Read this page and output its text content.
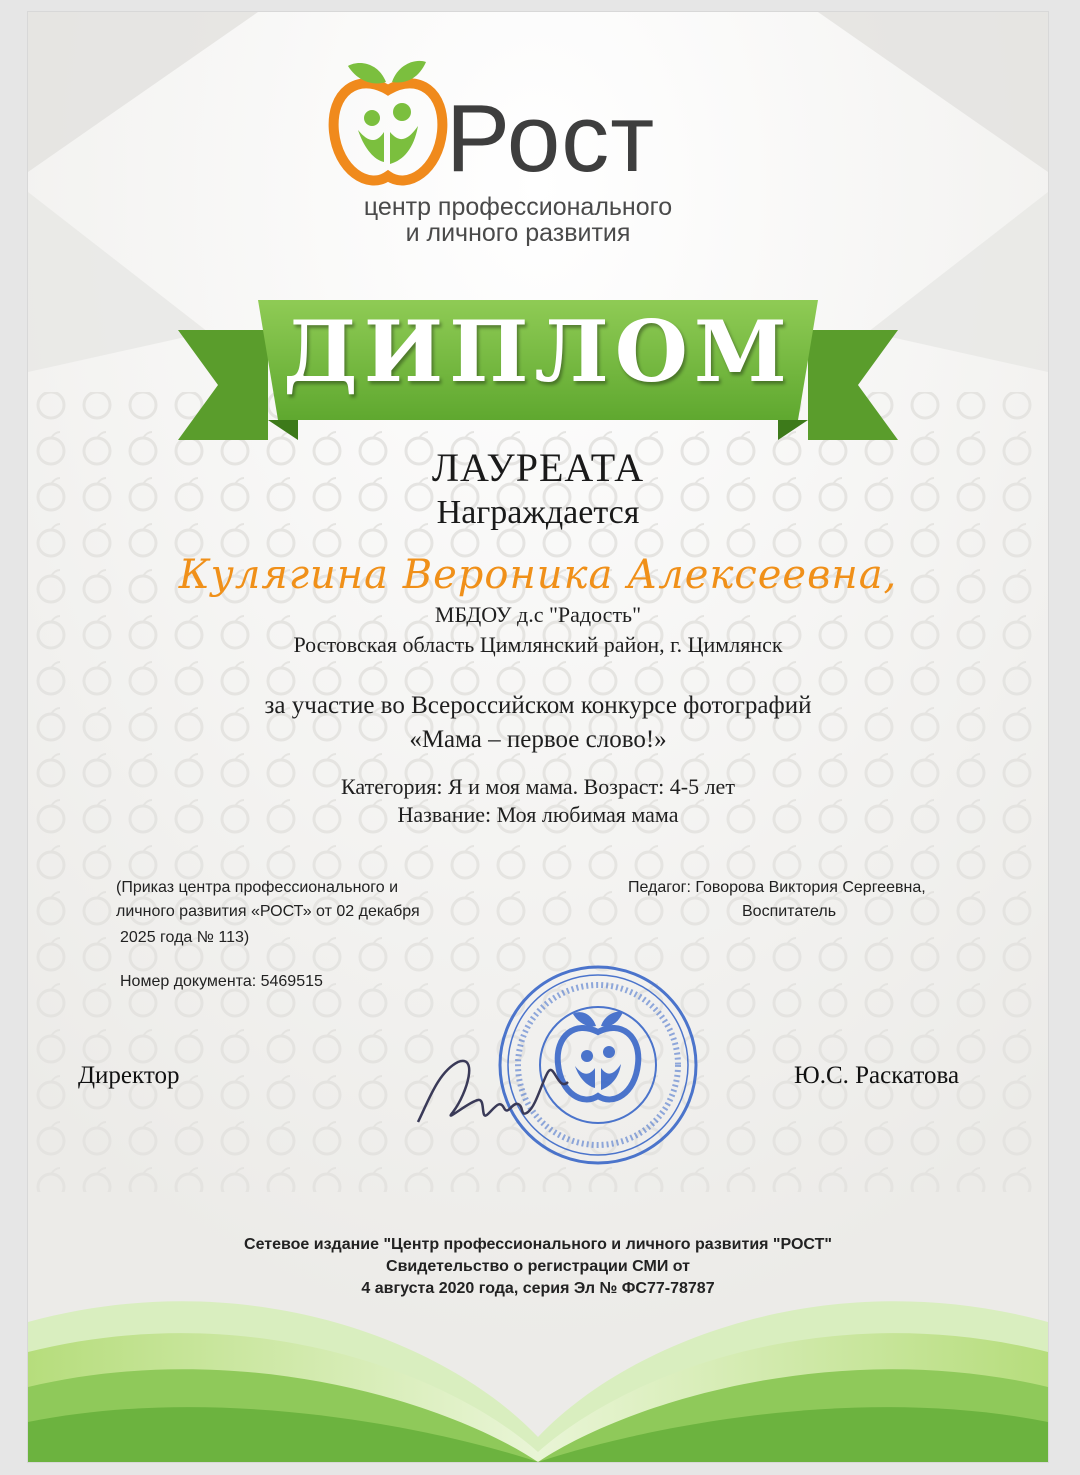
Рост
центр профессионального
и личного развития
ДИПЛОМ
ЛАУРЕАТА
Награждается
Кулягина Вероника Алексеевна,
МБДОУ д.с "Радость"
Ростовская область Цимлянский район, г. Цимлянск
за участие во Всероссийском конкурсе фотографий
«Мама – первое слово!»
Категория: Я и моя мама. Возраст: 4-5 лет
Название: Моя любимая мама
(Приказ центра профессионального и
личного развития «РОСТ» от 02 декабря
2025 года № 113)
Педагог: Говорова Виктория Сергеевна,
Воспитатель
Номер документа: 5469515
Директор	Ю.С. Раскатова
Сетевое издание "Центр профессионального и личного развития "РОСТ"
Свидетельство о регистрации СМИ от
4 августа 2020 года, серия Эл № ФС77-78787
